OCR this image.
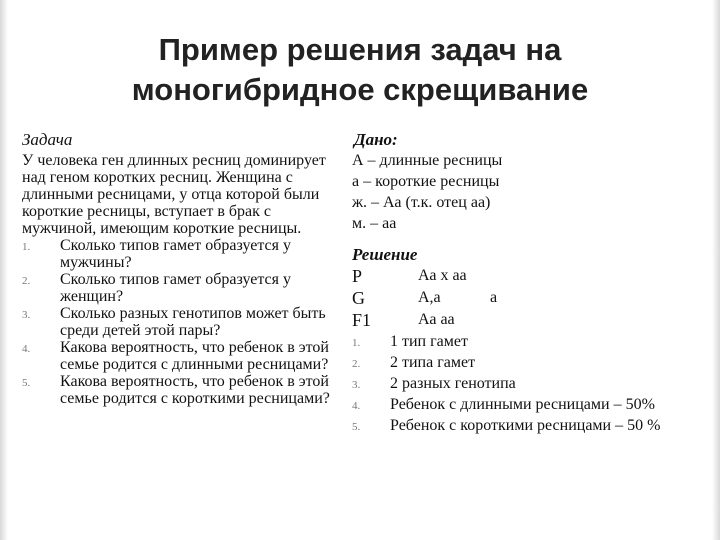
Пример решения задач на
моногибридное скрещивание
Задача

У человека ген длинных ресниц доминирует над геном коротких ресниц. Женщина с длинными ресницами, у отца которой были короткие ресницы, вступает в брак с мужчиной, имеющим короткие ресницы.

1. Сколько типов гамет образуется у мужчины?
2. Сколько типов гамет образуется у женщин?
3. Сколько разных генотипов может быть среди детей этой пары?
4. Какова вероятность, что ребенок в этой семье родится с длинными ресницами?
5. Какова вероятность, что ребенок в этой семье родится с короткими ресницами?
Дано:

А – длинные ресницы

а – короткие ресницы

ж. – Аа (т.к. отец аа)

м. – аа

Решение
P	Аа х аа
G	А,а	а
F1	Аа аа
1. 1 тип гамет
2. 2 типа гамет
3. 2 разных генотипа
4. Ребенок с длинными ресницами – 50%
5. Ребенок с короткими ресницами – 50 %
